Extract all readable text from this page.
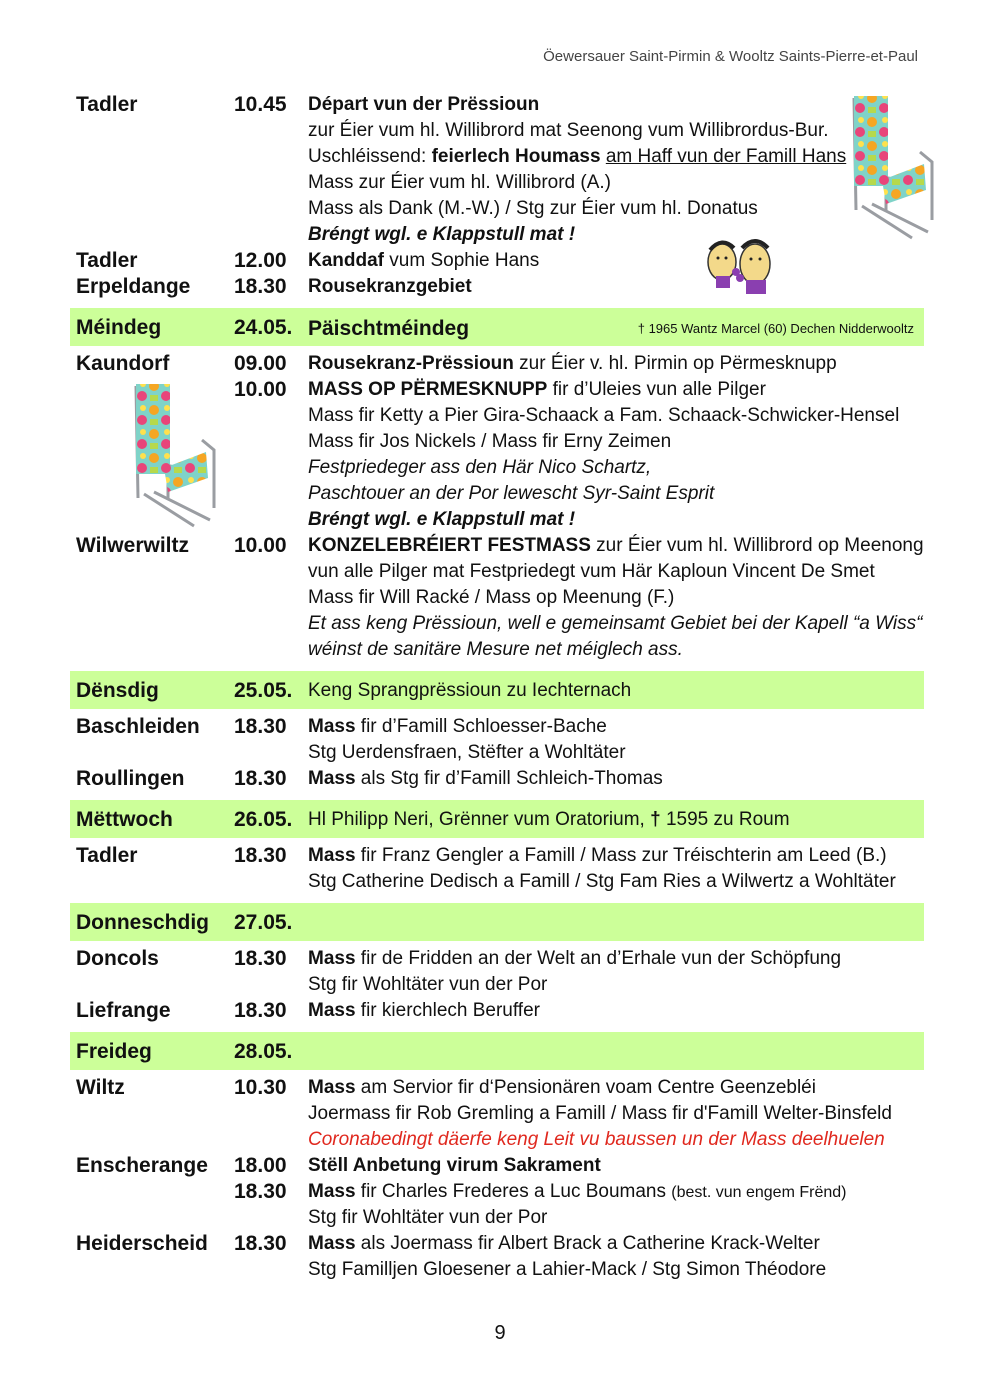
Öewersauer Saint-Pirmin & Wooltz Saints-Pierre-et-Paul
Tadler	10.45 Départ vun der Prëssioun
zur Éier vum hl. Willibrord mat Seenong vum Willibrordus-Bur.
Uschléissend: feierlech Houmass am Haff vun der Famill Hans
Mass zur Éier vum hl. Willibrord (A.)
Mass als Dank (M.-W.) / Stg zur Éier vum hl. Donatus
Bréngt wgl. e Klappstull mat !
Tadler	12.00 Kanddaf vum Sophie Hans
Erpeldange 18.30 Rousekranzgebiet
Méindeg	24.05. Päischtméindeg	† 1965 Wantz Marcel (60) Dechen Nidderwooltz
Kaundorf	09.00 Rousekranz-Prëssioun zur Éier v. hl. Pirmin op Përmesknupp
10.00 MASS OP PËRMESKNUPP fir d’Uleies vun alle Pilger
Mass fir Ketty a Pier Gira-Schaack a Fam. Schaack-Schwicker-Hensel
Mass fir Jos Nickels / Mass fir Erny Zeimen
Festpriedeger ass den Här Nico Schartz,
Paschtouer an der Por lewescht Syr-Saint Esprit
Bréngt wgl. e Klappstull mat !
Wilwerwiltz 10.00 KONZELEBRÉIERT FESTMASS zur Éier vum hl. Willibrord op Meenong
vun alle Pilger mat Festpriedegt vum Här Kaploun Vincent De Smet
Mass fir Will Racké / Mass op Meenung (F.)
Et ass keng Prëssioun, well e gemeinsamt Gebiet bei der Kapell “a Wiss“
wéinst de sanitäre Mesure net méiglech ass.
Dënsdig	25.05. Keng Sprangprëssioun zu Iechternach
Baschleiden 18.30 Mass fir d’Famill Schloesser-Bache
Stg Uerdensfraen, Stëfter a Wohltäter
Roullingen 18.30 Mass als Stg fir d’Famill Schleich-Thomas
Mëttwoch	26.05. Hl Philipp Neri, Grënner vum Oratorium, † 1595 zu Roum
Tadler	18.30 Mass fir Franz Gengler a Famill / Mass zur Tréischterin am Leed (B.)
Stg Catherine Dedisch a Famill / Stg Fam Ries a Wilwertz a Wohltäter
Donneschdig 27.05.
Doncols	18.30 Mass fir de Fridden an der Welt an d’Erhale vun der Schöpfung
Stg fir Wohltäter vun der Por
Liefrange	18.30 Mass fir kierchlech Beruffer
Freideg	28.05.
Wiltz	10.30 Mass am Servior fir d‘Pensionären voam Centre Geenzebléi
Joermass fir Rob Gremling a Famill / Mass fir d'Famill Welter-Binsfeld
Coronabedingt däerfe keng Leit vu baussen un der Mass deelhuelen
Enscherange 18.00 Stëll Anbetung virum Sakrament
18.30 Mass fir Charles Frederes a Luc Boumans (best. vun engem Frënd)
Stg fir Wohltäter vun der Por
Heiderscheid 18.30 Mass als Joermass fir Albert Brack a Catherine Krack-Welter
Stg Familljen Gloesener a Lahier-Mack / Stg Simon Théodore
9
